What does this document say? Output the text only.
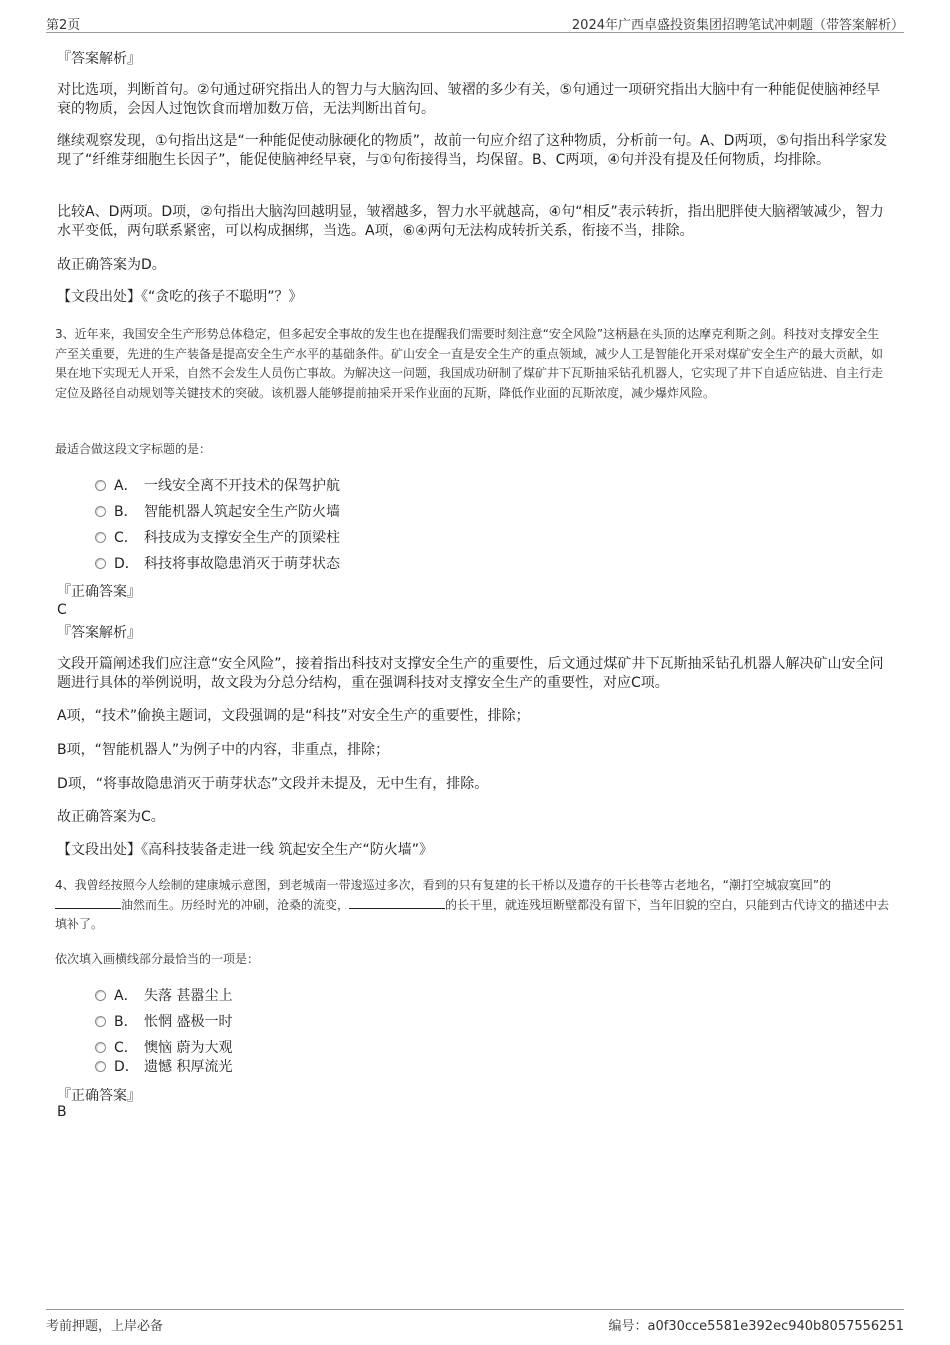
第2页	2024年广西卓盛投资集团招聘笔试冲刺题（带答案解析）
『答案解析』
对比选项，判断首句。②句通过研究指出人的智力与大脑沟回、皱褶的多少有关，⑤句通过一项研究指出大脑中有一种能促使脑神经早衰的物质，会因人过饱饮食而增加数万倍，无法判断出首句。
继续观察发现，①句指出这是“一种能促使动脉硬化的物质”，故前一句应介绍了这种物质，分析前一句。A、D两项，⑤句指出科学家发现了“纤维芽细胞生长因子”，能促使脑神经早衰，与①句衔接得当，均保留。B、C两项，④句并没有提及任何物质，均排除。
比较A、D两项。D项，②句指出大脑沟回越明显，皱褶越多，智力水平就越高，④句“相反”表示转折，指出肥胖使大脑褶皱减少，智力水平变低，两句联系紧密，可以构成捆绑，当选。A项，⑥④两句无法构成转折关系，衔接不当，排除。
故正确答案为D。
【文段出处】《“贪吃的孩子不聪明”？》
3、近年来，我国安全生产形势总体稳定，但多起安全事故的发生也在提醒我们需要时刻注意“安全风险”这柄悬在头顶的达摩克利斯之剑。科技对支撑安全生产至关重要，先进的生产装备是提高安全生产水平的基础条件。矿山安全一直是安全生产的重点领域，减少人工是智能化开采对煤矿安全生产的最大贡献，如果在地下实现无人开采，自然不会发生人员伤亡事故。为解决这一问题，我国成功研制了煤矿井下瓦斯抽采钻孔机器人，它实现了井下自适应钻进、自主行走定位及路径自动规划等关键技术的突破。该机器人能够提前抽采开采作业面的瓦斯，降低作业面的瓦斯浓度，减少爆炸风险。
最适合做这段文字标题的是：
A． 一线安全离不开技术的保驾护航
B． 智能机器人筑起安全生产防火墙
C． 科技成为支撑安全生产的顶梁柱
D． 科技将事故隐患消灭于萌芽状态
『正确答案』
C
『答案解析』
文段开篇阐述我们应注意“安全风险”，接着指出科技对支撑安全生产的重要性，后文通过煤矿井下瓦斯抽采钻孔机器人解决矿山安全问题进行具体的举例说明，故文段为分总分结构，重在强调科技对支撑安全生产的重要性，对应C项。
A项，“技术”偷换主题词，文段强调的是“科技”对安全生产的重要性，排除；
B项，“智能机器人”为例子中的内容，非重点，排除；
D项，“将事故隐患消灭于萌芽状态”文段并未提及，无中生有，排除。
故正确答案为C。
【文段出处】《高科技装备走进一线 筑起安全生产“防火墙”》
4、我曾经按照今人绘制的建康城示意图，到老城南一带逡巡过多次，看到的只有复建的长干桥以及遗存的干长巷等古老地名，“潮打空城寂寞回”的油然而生。历经时光的冲刷，沧桑的流变，	的长干里，就连残垣断壁都没有留下，当年旧貌的空白，只能到古代诗文的描述中去填补了。
依次填入画横线部分最恰当的一项是：
A． 失落 甚嚣尘上
B． 怅惘 盛极一时
C． 懊恼 蔚为大观
D． 遗憾 积厚流光
『正确答案』
B
考前押题，上岸必备	编号：a0f30cce5581e392ec940b8057556251
